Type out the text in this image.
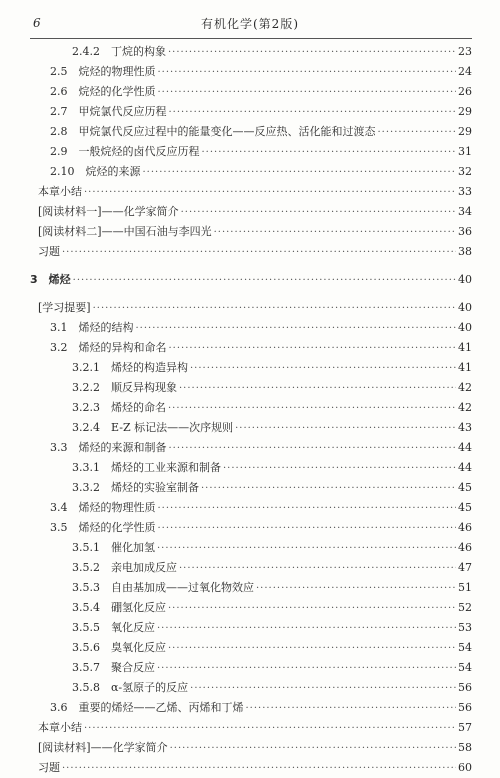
6	有机化学(第2版)
2.4.2　丁烷的构象 ·····	23
2.5　烷烃的物理性质 ·····	24
2.6　烷烃的化学性质 ·····	26
2.7　甲烷氯代反应历程 ·····	29
2.8　甲烷氯代反应过程中的能量变化——反应热、活化能和过渡态 ·····	29
2.9　一般烷烃的卤代反应历程 ·····	31
2.10　烷烃的来源 ·····	32
本章小结 ·····	33
[阅读材料一]——化学家简介 ·····	34
[阅读材料二]——中国石油与李四光 ·····	36
习题 ·····	38
3　烯烃 ·····	40
[学习提要] ·····	40
3.1　烯烃的结构 ·····	40
3.2　烯烃的异构和命名 ·····	41
3.2.1　烯烃的构造异构 ·····	41
3.2.2　顺反异构现象 ·····	42
3.2.3　烯烃的命名 ·····	42
3.2.4　E-Z 标记法——次序规则 ·····	43
3.3　烯烃的来源和制备 ·····	44
3.3.1　烯烃的工业来源和制备 ·····	44
3.3.2　烯烃的实验室制备 ·····	45
3.4　烯烃的物理性质 ·····	45
3.5　烯烃的化学性质 ·····	46
3.5.1　催化加氢 ·····	46
3.5.2　亲电加成反应 ·····	47
3.5.3　自由基加成——过氧化物效应 ·····	51
3.5.4　硼氢化反应 ·····	52
3.5.5　氧化反应 ·····	53
3.5.6　臭氧化反应 ·····	54
3.5.7　聚合反应 ·····	54
3.5.8　α-氢原子的反应 ·····	56
3.6　重要的烯烃——乙烯、丙烯和丁烯 ·····	56
本章小结 ·····	57
[阅读材料]——化学家简介 ·····	58
习题 ·····	60
